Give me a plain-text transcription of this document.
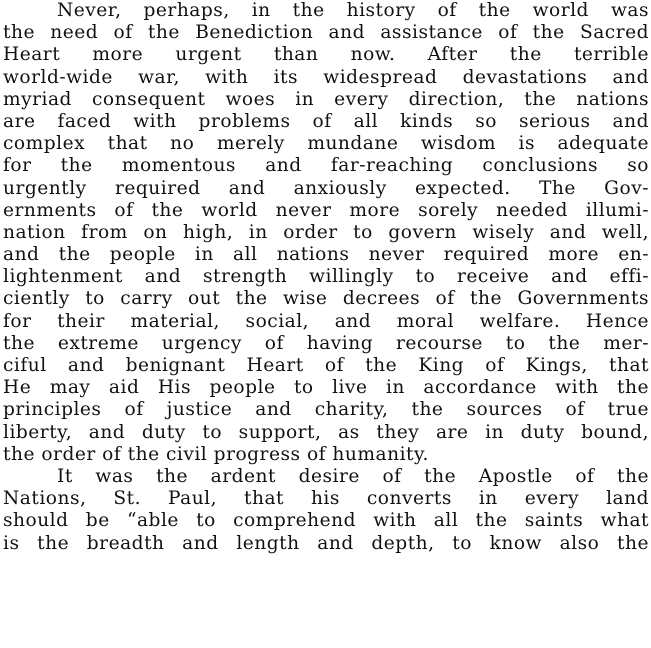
Never, perhaps, in the history of the world was
the need of the Benediction and assistance of the Sacred
Heart more urgent than now. After the terrible
world-wide war, with its widespread devastations and
myriad consequent woes in every direction, the nations
are faced with problems of all kinds so serious and
complex that no merely mundane wisdom is adequate
for the momentous and far-reaching conclusions so
urgently required and anxiously expected. The Gov-
ernments of the world never more sorely needed illumi-
nation from on high, in order to govern wisely and well,
and the people in all nations never required more en-
lightenment and strength willingly to receive and effi-
ciently to carry out the wise decrees of the Governments
for their material, social, and moral welfare. Hence
the extreme urgency of having recourse to the mer-
ciful and benignant Heart of the King of Kings, that
He may aid His people to live in accordance with the
principles of justice and charity, the sources of true
liberty, and duty to support, as they are in duty bound,
the order of the civil progress of humanity.
It was the ardent desire of the Apostle of the
Nations, St. Paul, that his converts in every land
should be “able to comprehend with all the saints what
is the breadth and length and depth, to know also the
